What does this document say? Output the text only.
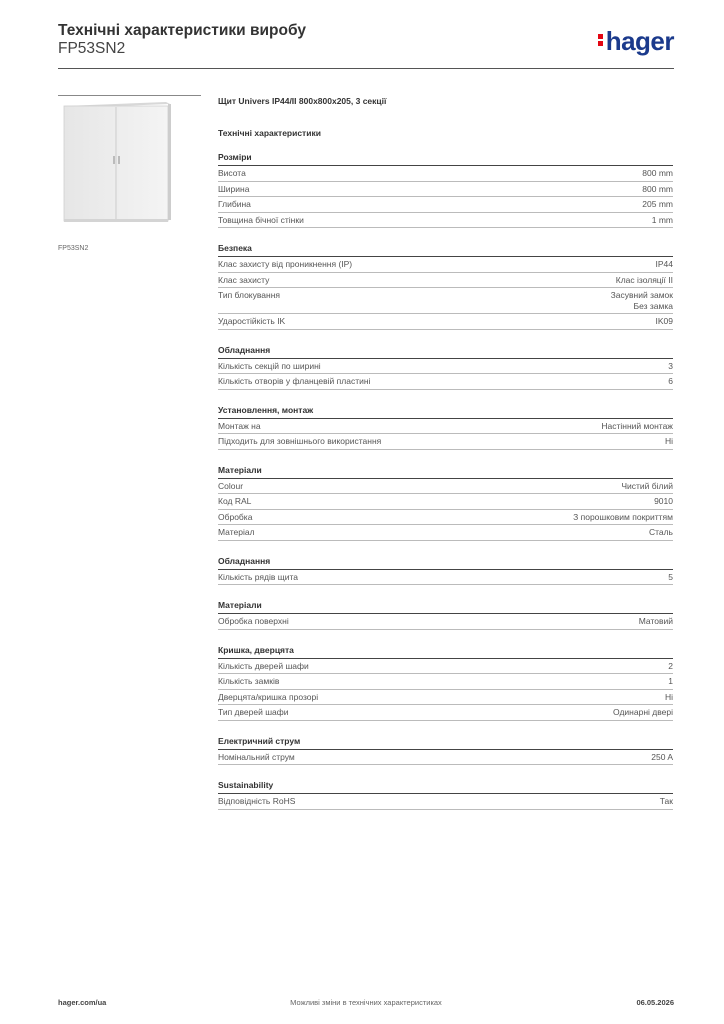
Технічні характеристики виробу
FP53SN2	hager
FP53SN2
Щит Univers IP44/II 800x800x205, 3 секції
Технічні характеристики
Розміри
Висота	800 mm
Ширина	800 mm
Глибина	205 mm
Товщина бічної стінки	1 mm
Безпека
Клас захисту від проникнення (IP)	IP44
Клас захисту	Клас ізоляції II
Тип блокування	Засувний замок
Без замка
Ударостійкість IK	IK09
Обладнання
Кількість секцій по ширині	3
Кількість отворів у фланцевій пластині	6
Установлення, монтаж
Монтаж на	Настінний монтаж
Підходить для зовнішнього використання	Ні
Матеріали
Colour	Чистий білий
Код RAL	9010
Обробка	З порошковим покриттям
Матеріал	Сталь
Обладнання
Кількість рядів щита	5
Матеріали
Обробка поверхні	Матовий
Кришка, дверцята
Кількість дверей шафи	2
Кількість замків	1
Дверцята/кришка прозорі	Ні
Тип дверей шафи	Одинарні двері
Електричний струм
Номінальний струм	250 A
Sustainability
Відповідність RoHS	Так
hager.com/ua	Можливі зміни в технічних характеристиках	06.05.2026
